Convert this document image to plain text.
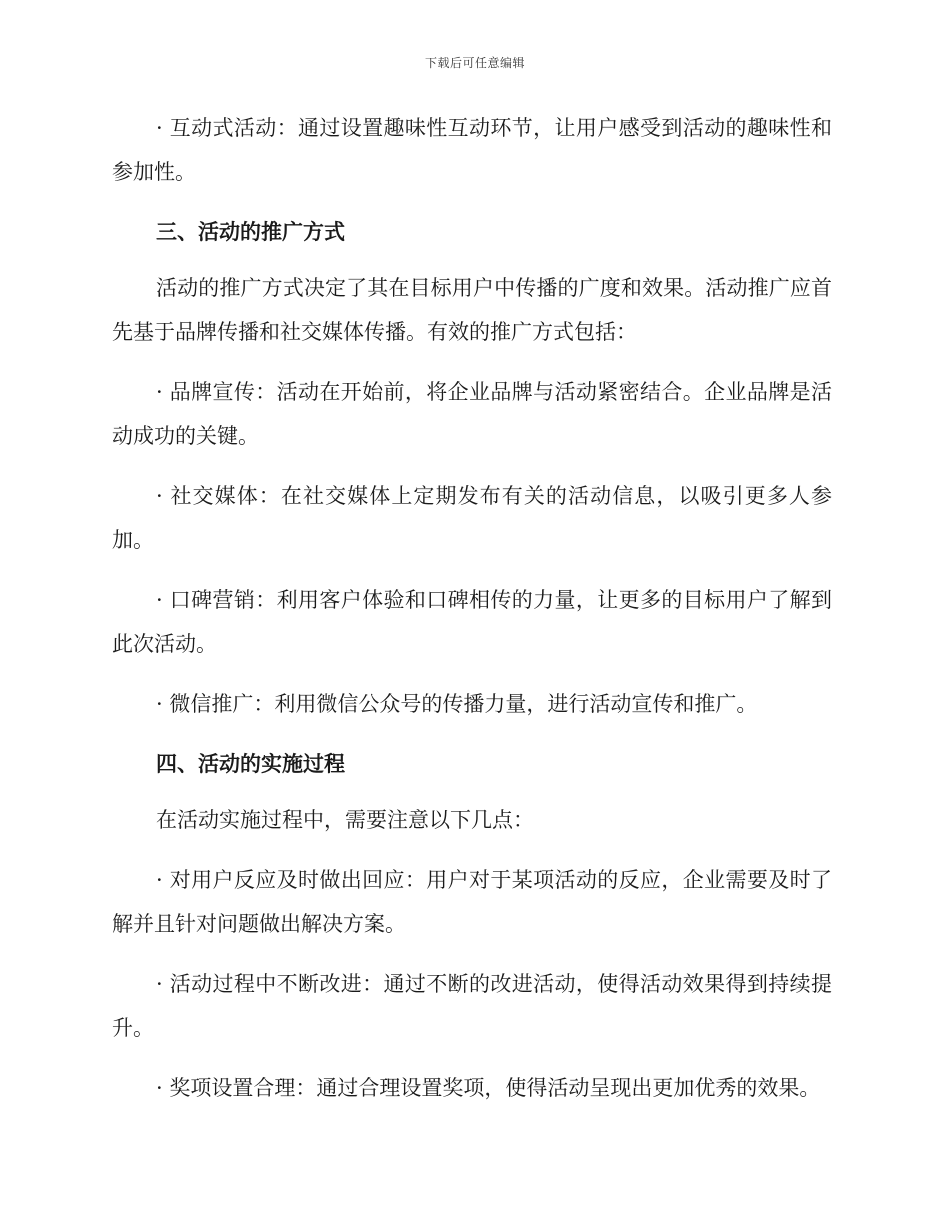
下载后可任意编辑

· 互动式活动：通过设置趣味性互动环节，让用户感受到活动的趣味性和参加性。

三、活动的推广方式

活动的推广方式决定了其在目标用户中传播的广度和效果。活动推广应首先基于品牌传播和社交媒体传播。有效的推广方式包括：

· 品牌宣传：活动在开始前，将企业品牌与活动紧密结合。企业品牌是活动成功的关键。

· 社交媒体：在社交媒体上定期发布有关的活动信息，以吸引更多人参加。

· 口碑营销：利用客户体验和口碑相传的力量，让更多的目标用户了解到此次活动。

· 微信推广：利用微信公众号的传播力量，进行活动宣传和推广。

四、活动的实施过程

在活动实施过程中，需要注意以下几点：

· 对用户反应及时做出回应：用户对于某项活动的反应，企业需要及时了解并且针对问题做出解决方案。

· 活动过程中不断改进：通过不断的改进活动，使得活动效果得到持续提升。

· 奖项设置合理：通过合理设置奖项，使得活动呈现出更加优秀的效果。
